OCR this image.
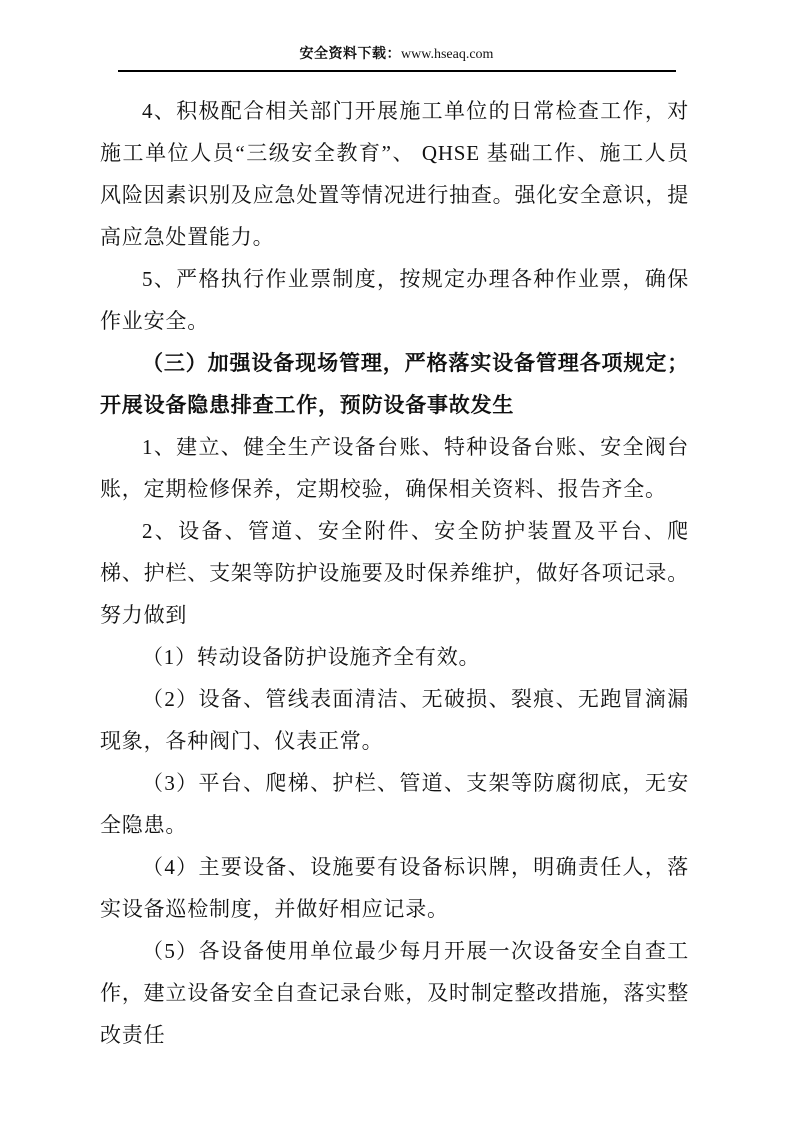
安全资料下载：www.hseaq.com

4、积极配合相关部门开展施工单位的日常检查工作，对施工单位人员“三级安全教育”、 QHSE 基础工作、施工人员风险因素识别及应急处置等情况进行抽查。强化安全意识，提高应急处置能力。

5、严格执行作业票制度，按规定办理各种作业票，确保作业安全。

（三）加强设备现场管理，严格落实设备管理各项规定；开展设备隐患排查工作，预防设备事故发生

1、建立、健全生产设备台账、特种设备台账、安全阀台账，定期检修保养，定期校验，确保相关资料、报告齐全。

2、设备、管道、安全附件、安全防护装置及平台、爬梯、护栏、支架等防护设施要及时保养维护，做好各项记录。努力做到

（1）转动设备防护设施齐全有效。

（2）设备、管线表面清洁、无破损、裂痕、无跑冒滴漏现象，各种阀门、仪表正常。

（3）平台、爬梯、护栏、管道、支架等防腐彻底，无安全隐患。

（4）主要设备、设施要有设备标识牌，明确责任人，落实设备巡检制度，并做好相应记录。

（5）各设备使用单位最少每月开展一次设备安全自查工作，建立设备安全自查记录台账，及时制定整改措施，落实整改责任
